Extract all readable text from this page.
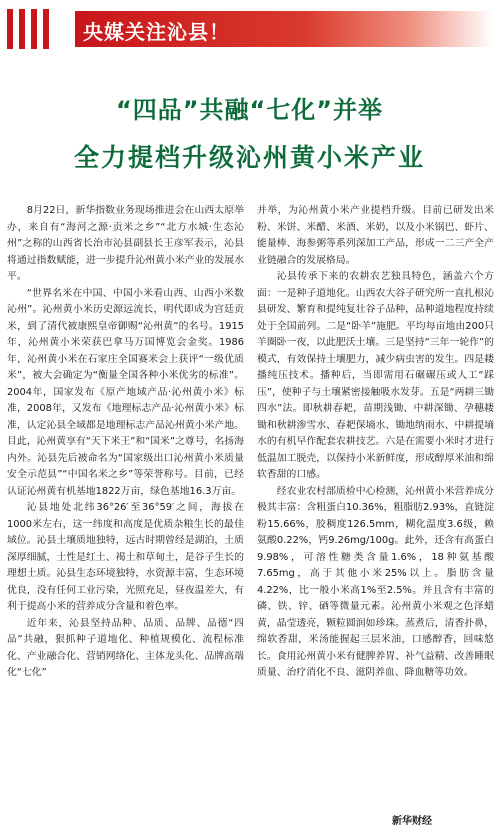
央媒关注沁县！
“四品”共融“七化”并举
全力提档升级沁州黄小米产业

8月22日，新华指数业务现场推进会在山西太原举办，来自有“海河之源·贡米之乡”“北方水城·生态沁州”之称的山西省长治市沁县副县长王彦军表示，沁县将通过指数赋能，进一步提升沁州黄小米产业的发展水平。

“世界名米在中国、中国小米看山西、山西小米数沁州”。沁州黄小米历史源远流长，明代即成为宫廷贡米，到了清代被康熙皇帝御赐“沁州黄”的名号。1915年，沁州黄小米荣获巴拿马万国博览会金奖。1986年，沁州黄小米在石家庄全国赛米会上获评“一级优质米”，被大会确定为“衡量全国各种小米优劣的标准”。2004年，国家发布《原产地域产品·沁州黄小米》标准，2008年，又发布《地理标志产品·沁州黄小米》标准，认定沁县全域都是地理标志产品沁州黄小米产地。目此，沁州黄享有“天下米王”和“国米”之尊号，名扬海内外。沁县先后被命名为“国家级出口沁州黄小米质量安全示范县”“中国名米之乡”等荣誉称号。目前，已经认证沁州黄有机基地1822万亩，绿色基地16.3万亩。

沁县地处北纬36°26′至36°59′之间，海拔在1000米左右，这一纬度和高度是优质杂粮生长的最佳域位。沁县土壤质地独特，远古时期曾经是湖泊，土质深厚细腻，土性是红土、褐土和草甸土，是谷子生长的理想土质。沁县生态环境独特，水资源丰富，生态环境优良，没有任何工业污染，光照充足，昼夜温差大，有利于提高小米的营养成分含量和着色率。

近年来，沁县坚持品种、品质、品牌、品德“四品”共融，狠抓种子道地化、种植规模化、流程标准化、产业融合化、营销网络化、主体龙头化、品牌高端化“七化”

并举，为沁州黄小米产业提档升级。目前已研发出米粉、米饼、米醋、米酒、米奶，以及小米锅巴、虾片、能量棒、海参粥等系列深加工产品，形成一二三产全产业链融合的发展格局。

沁县传承下来的农耕农艺独具特色，涵盖六个方面：一是种子道地化。山西农大谷子研究所一直扎根沁县研发、繁育和提纯复壮谷子品种，品种道地程度持续处于全国前列。二是“卧羊”施肥。平均每亩地由200只羊圈卧一夜，以此肥沃土壤。三是坚持“三年一轮作”的模式，有效保持土壤肥力，减少病虫害的发生。四是耧播纯压技术。播种后，当即需用石碾碾压或人工“踩压”，使种子与土壤紧密接触吸水发芽。五是“两耕三锄四水”法。即秋耕春耙，苗期浅锄、中耕深锄、孕穗耧锄和秋耕渗雪水、春耙保墒水、锄地纳雨水、中耕提墒水的有机早作配套农耕技艺。六是在需要小米时才进行低温加工脱壳，以保持小米新鲜度，形成醇厚米油和绵软香甜的口感。

经农业农村部质检中心检测，沁州黄小米营养成分极其丰富：含粗蛋白10.36%，粗脂肪2.93%，直链淀粉15.66%，胶稠度126.5mm，糊化温度3.6级，赖氨酸0.22%，钙9.26mg/100g。此外，还含有高蛋白9.98%，可溶性糖类含量1.6%，18种氨基酸7.65mg，高于其他小米25%以上。脂肪含量4.22%，比一般小米高1%至2.5%。并且含有丰富的磷、铁、锌、硒等微量元素。沁州黄小米观之色泽蜡黄，晶莹透亮，颗粒圆润如珍珠。蒸煮后，清香扑鼻，绵软香甜，米汤能握起三层米油，口感醇香，回味悠长。食用沁州黄小米有健脾养胃、补气益精、改善睡眠质量、治疗消化不良、滋阴养血、降血糖等功效。

新华财经
